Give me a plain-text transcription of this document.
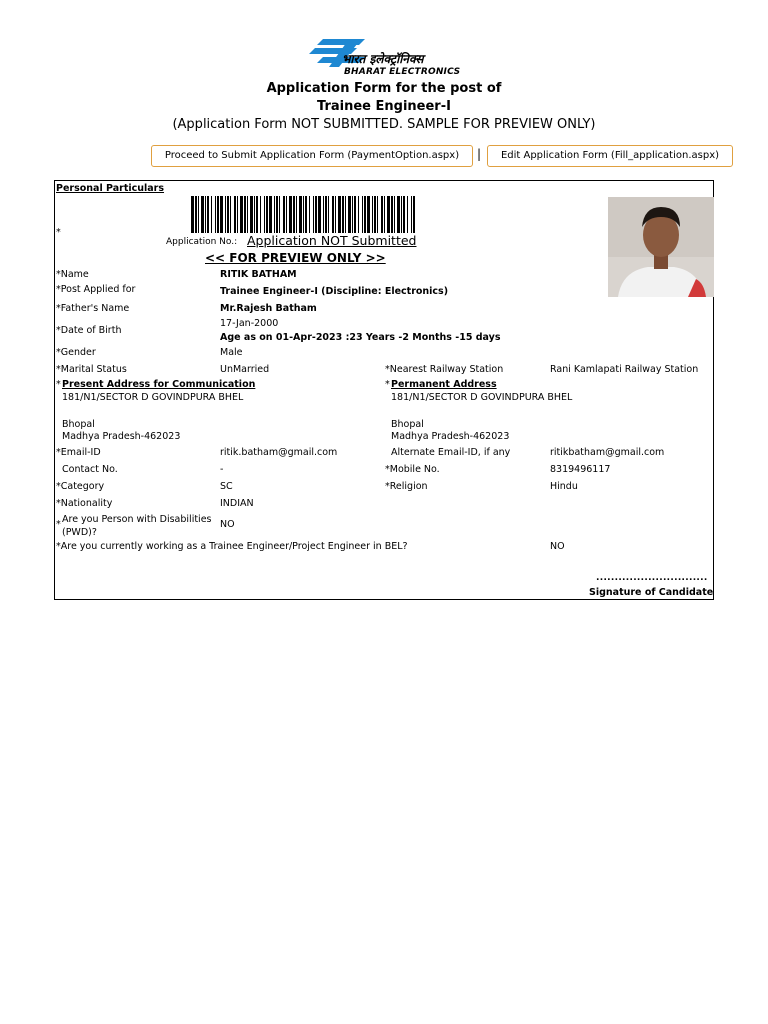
भारत इलेक्ट्रॉनिक्स
BHARAT ELECTRONICS
Application Form for the post of
Trainee Engineer-I
(Application Form NOT SUBMITTED. SAMPLE FOR PREVIEW ONLY)
Proceed to Submit Application Form (PaymentOption.aspx)	|	Edit Application Form (Fill_application.aspx)
Personal Particulars
*
Application No.: Application NOT Submitted
<< FOR PREVIEW ONLY >>
*Name	RITIK BATHAM
*Post Applied for	Trainee Engineer-I (Discipline: Electronics)
*Father's Name	Mr.Rajesh Batham
*Date of Birth
17-Jan-2000
Age as on 01-Apr-2023 :23 Years -2 Months -15 days
*Gender	Male
*Marital Status	UnMarried	*Nearest Railway Station	Rani Kamlapati Railway Station
* Present Address for Communication
181/N1/SECTOR D GOVINDPURA BHEL
Bhopal
Madhya Pradesh-462023
* Permanent Address
181/N1/SECTOR D GOVINDPURA BHEL
Bhopal
Madhya Pradesh-462023
*Email-ID	ritik.batham@gmail.com	Alternate Email-ID, if any	ritikbatham@gmail.com
Contact No.	-	*Mobile No.	8319496117
*Category	SC	*Religion	Hindu
*Nationality	INDIAN
* Are you Person with Disabilities
(PWD)?
NO
*Are you currently working as a Trainee Engineer/Project Engineer in BEL?	NO
..............................
Signature of Candidate
